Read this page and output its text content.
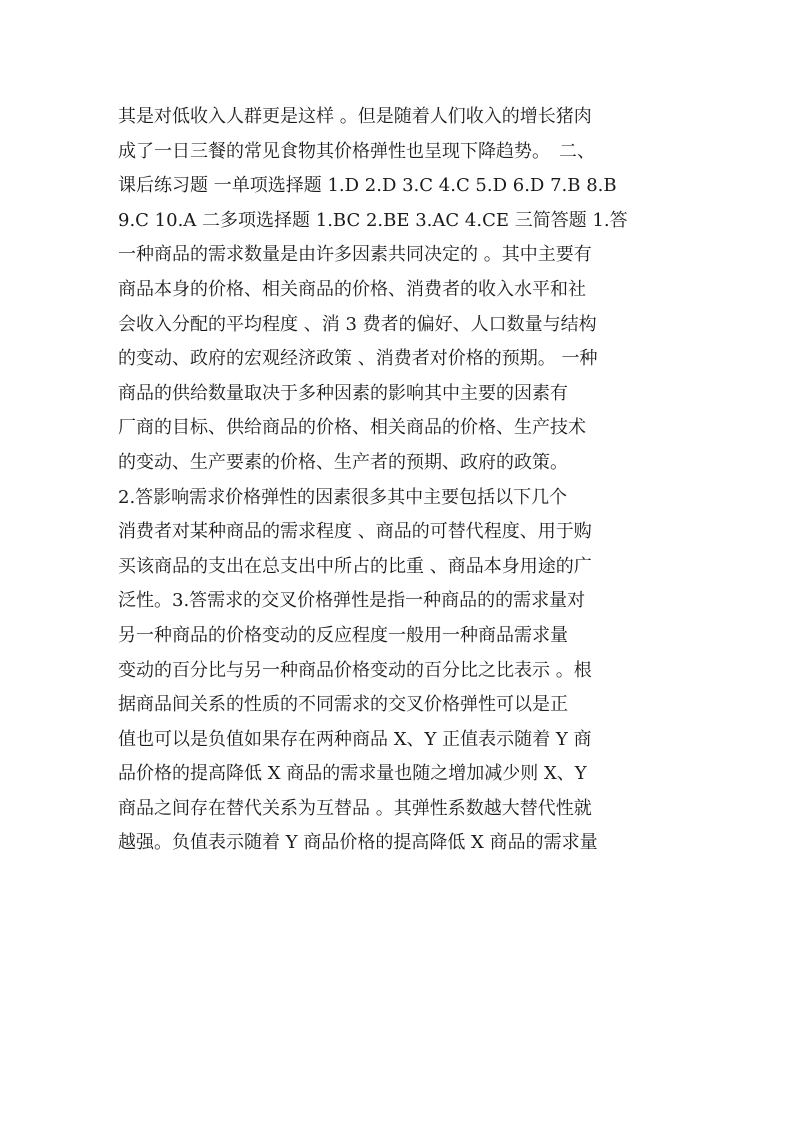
其是对低收入人群更是这样 。但是随着人们收入的增长猪肉
成了一日三餐的常见食物其价格弹性也呈现下降趋势。　二、
课后练习题 一单项选择题 1.D 2.D 3.C 4.C 5.D 6.D 7.B 8.B
9.C 10.A 二多项选择题 1.BC 2.BE 3.AC 4.CE 三简答题 1.答
一种商品的需求数量是由许多因素共同决定的 。其中主要有
商品本身的价格、相关商品的价格、消费者的收入水平和社
会收入分配的平均程度 、消 3 费者的偏好、人口数量与结构
的变动、政府的宏观经济政策 、消费者对价格的预期。 一种
商品的供给数量取决于多种因素的影响其中主要的因素有
厂商的目标、供给商品的价格、相关商品的价格、生产技术
的变动、生产要素的价格、生产者的预期、政府的政策。
2.答影响需求价格弹性的因素很多其中主要包括以下几个
消费者对某种商品的需求程度 、商品的可替代程度、用于购
买该商品的支出在总支出中所占的比重 、商品本身用途的广
泛性。3.答需求的交叉价格弹性是指一种商品的的需求量对
另一种商品的价格变动的反应程度一般用一种商品需求量
变动的百分比与另一种商品价格变动的百分比之比表示 。根
据商品间关系的性质的不同需求的交叉价格弹性可以是正
值也可以是负值如果存在两种商品 X、Y 正值表示随着 Y 商
品价格的提高降低 X 商品的需求量也随之增加减少则 X、Y
商品之间存在替代关系为互替品 。其弹性系数越大替代性就
越强。负值表示随着 Y 商品价格的提高降低 X 商品的需求量
